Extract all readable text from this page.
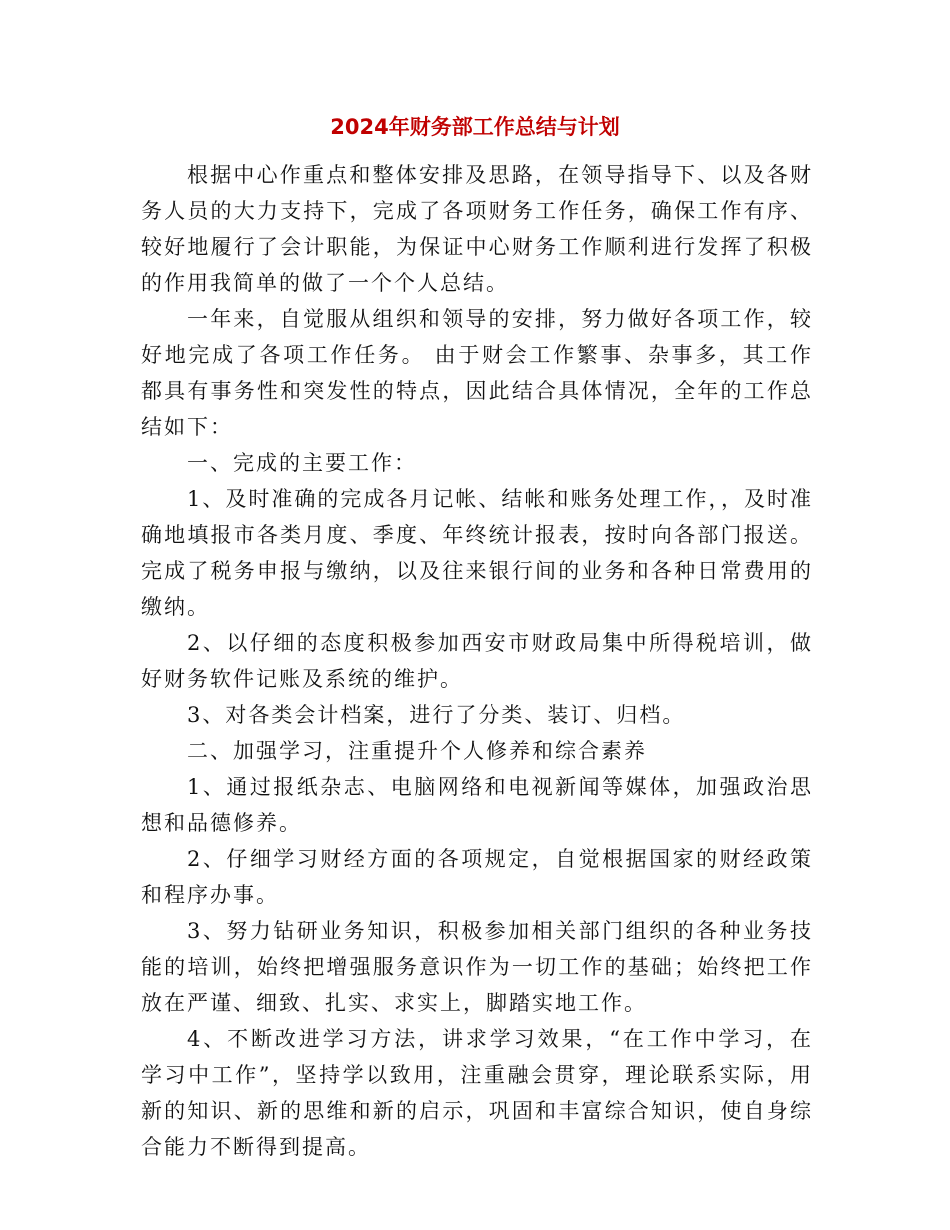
2024年财务部工作总结与计划

根据中心作重点和整体安排及思路，在领导指导下、以及各财务人员的大力支持下，完成了各项财务工作任务，确保工作有序、较好地履行了会计职能，为保证中心财务工作顺利进行发挥了积极的作用我简单的做了一个个人总结。

一年来，自觉服从组织和领导的安排，努力做好各项工作，较好地完成了各项工作任务。 由于财会工作繁事、杂事多，其工作都具有事务性和突发性的特点，因此结合具体情况，全年的工作总结如下：

一、完成的主要工作：

1、及时准确的完成各月记帐、结帐和账务处理工作，，及时准确地填报市各类月度、季度、年终统计报表，按时向各部门报送。完成了税务申报与缴纳，以及往来银行间的业务和各种日常费用的缴纳。

2、以仔细的态度积极参加西安市财政局集中所得税培训，做好财务软件记账及系统的维护。

3、对各类会计档案，进行了分类、装订、归档。

二、加强学习，注重提升个人修养和综合素养

1、通过报纸杂志、电脑网络和电视新闻等媒体，加强政治思想和品德修养。

2、仔细学习财经方面的各项规定，自觉根据国家的财经政策和程序办事。

3、努力钻研业务知识，积极参加相关部门组织的各种业务技能的培训，始终把增强服务意识作为一切工作的基础；始终把工作放在严谨、细致、扎实、求实上，脚踏实地工作。

4、不断改进学习方法，讲求学习效果，“在工作中学习，在学习中工作”，坚持学以致用，注重融会贯穿，理论联系实际，用新的知识、新的思维和新的启示，巩固和丰富综合知识，使自身综合能力不断得到提高。
